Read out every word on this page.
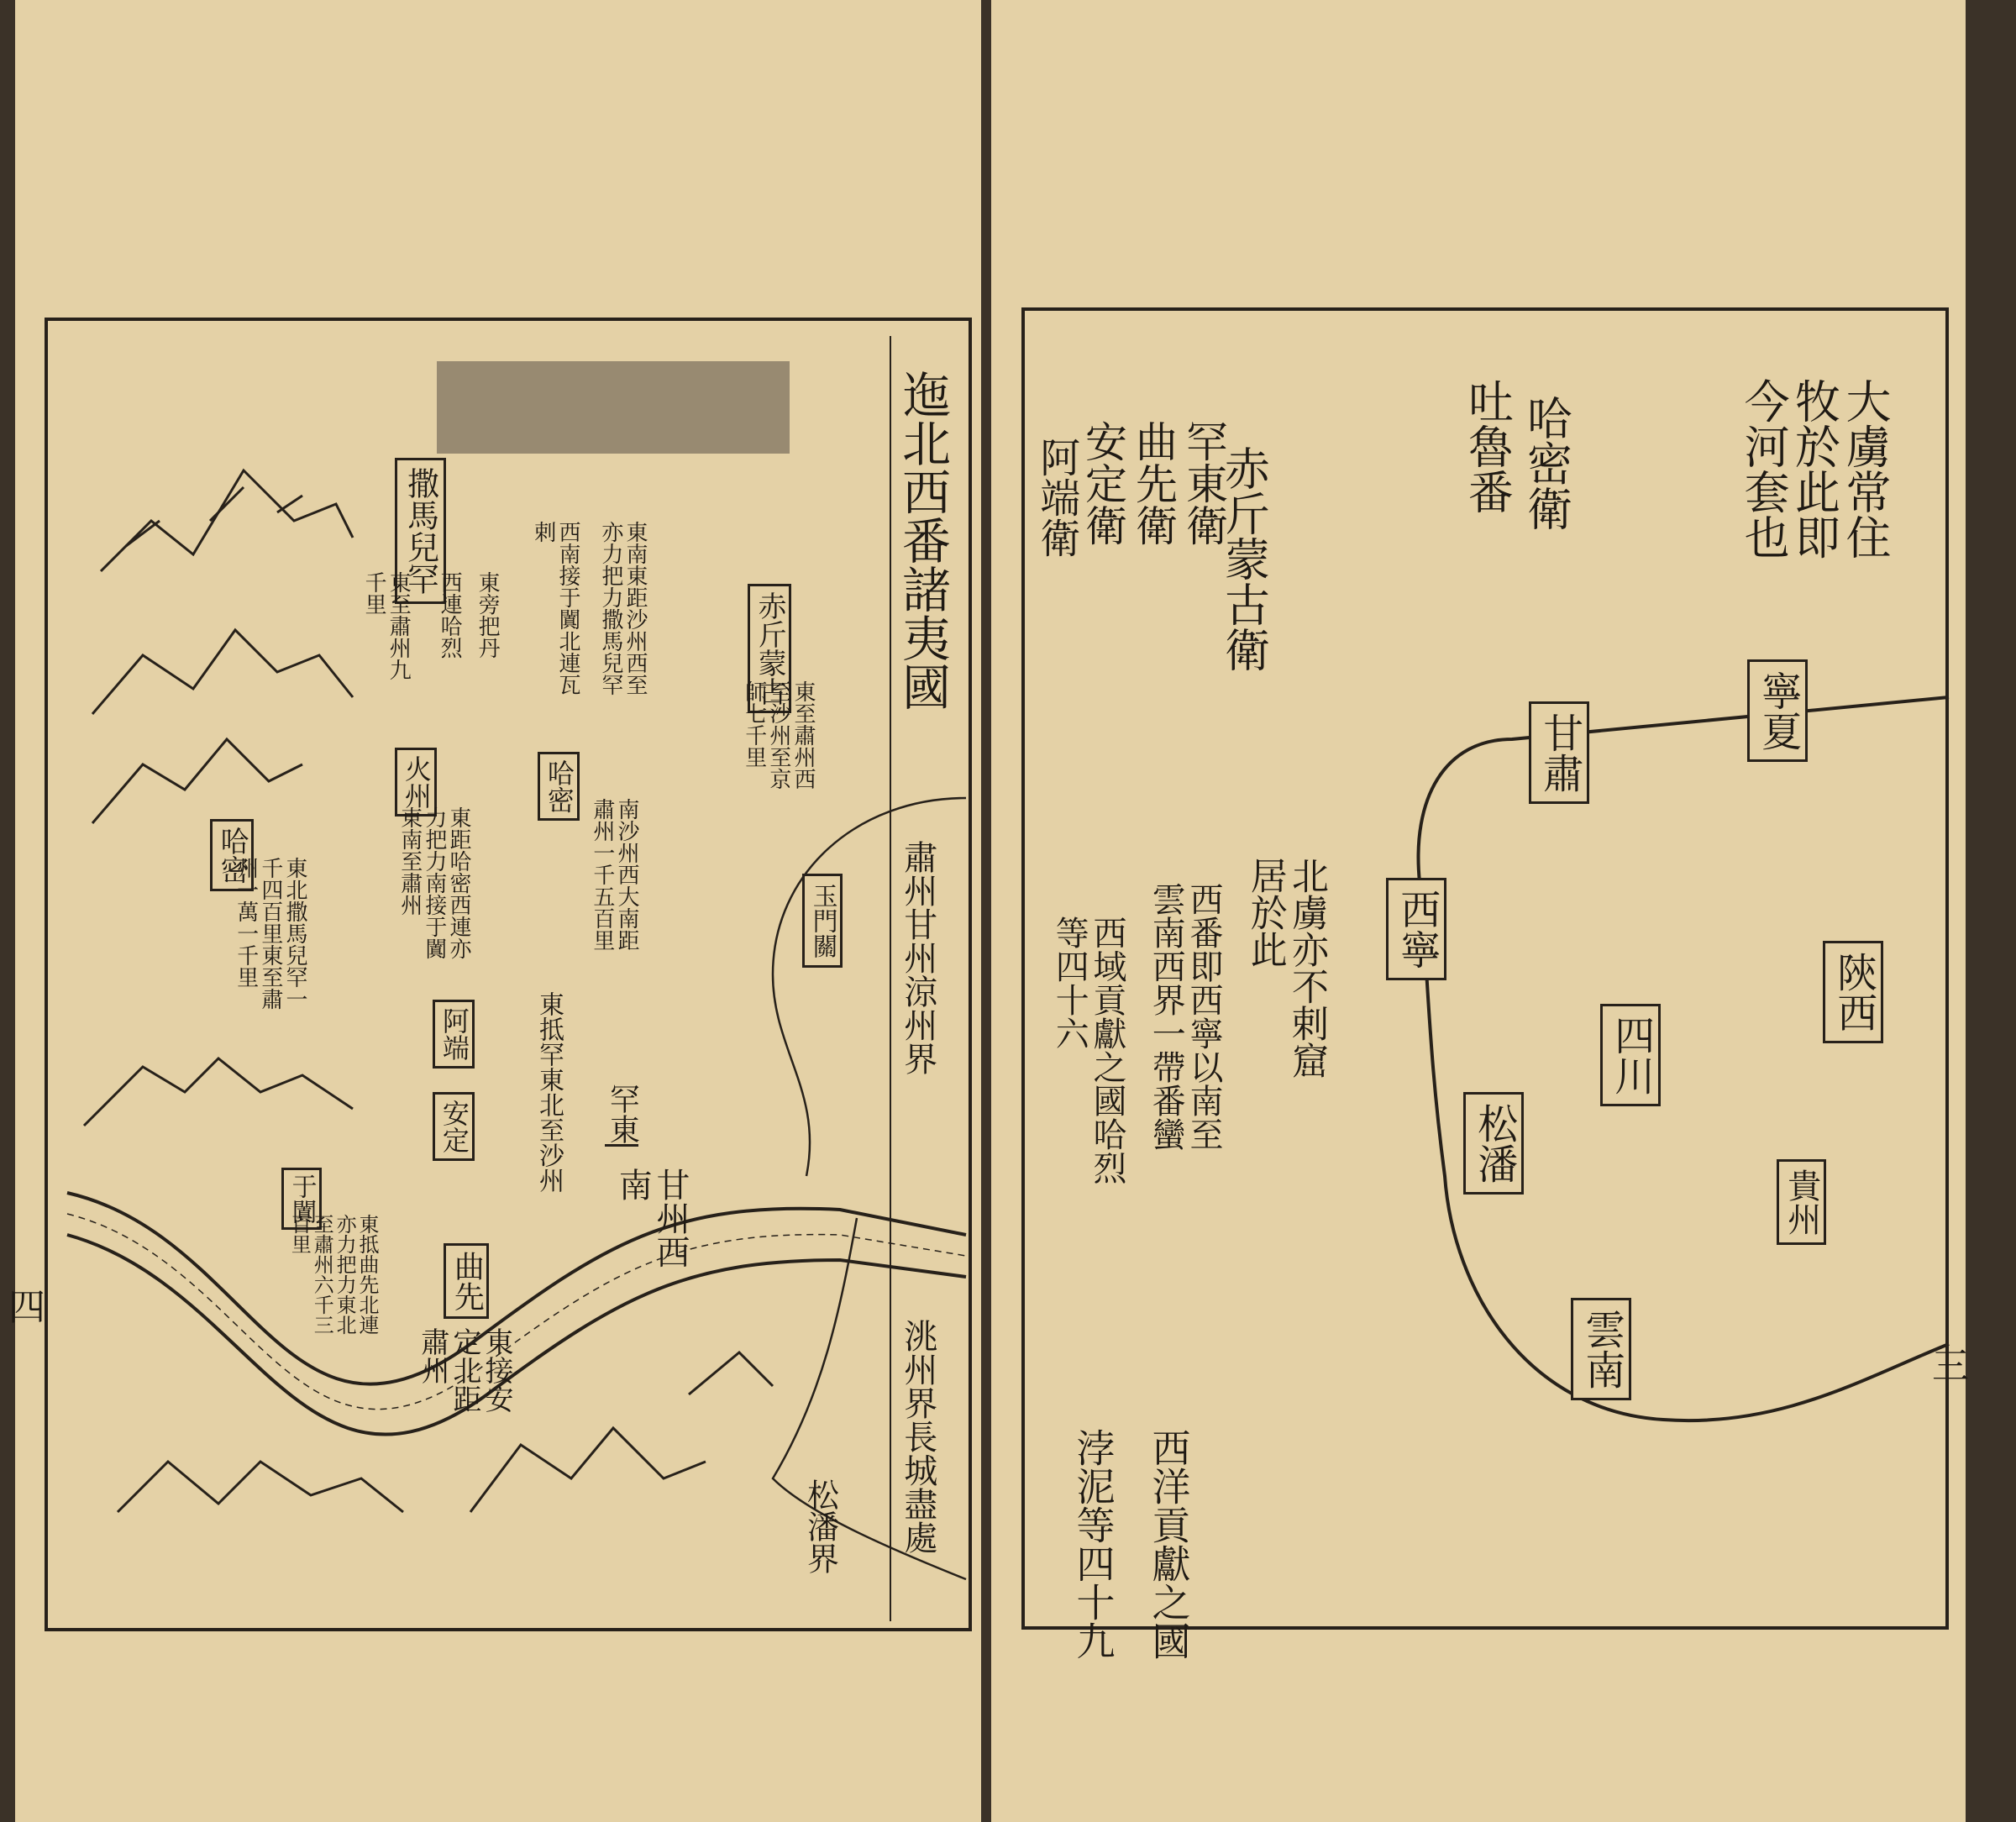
迤北西番諸夷國
撒馬兒罕
東至肅州九千里	西連哈烈 東旁把丹
哈密
東北撒馬兒罕一千四百里東至肅州一萬一千里
火州
東距哈密西連亦力把力南接于闐東南至肅州
哈密
南沙州西大南距肅州一千五百里
赤斤蒙古
東至肅州西至沙州至京師七千里
東南東距沙州西至亦力把力撒馬兒罕
西南接于闐北連瓦剌
阿端	東抵罕東北至沙州
安定	罕東
甘州西南
于闐
東抵曲先北連亦力把力東北至肅州六千三百里
曲先
東接安定北距肅州
玉門關 肅州甘州涼州界
洮州界長城盡處
松潘界
大虜常住牧於此即今河套也
哈密衛
吐魯番
赤斤蒙古衛
罕東衛
曲先衛
安定衛
阿端衛
北虜亦不剌窟居於此
西番即西寧以南至雲南西界一帶番蠻
西域貢獻之國哈烈等四十六
西洋貢獻之國
浡泥等四十九
寧夏
甘肅
西寧
陝西
四川
松潘
貴州
雲南	三
四
